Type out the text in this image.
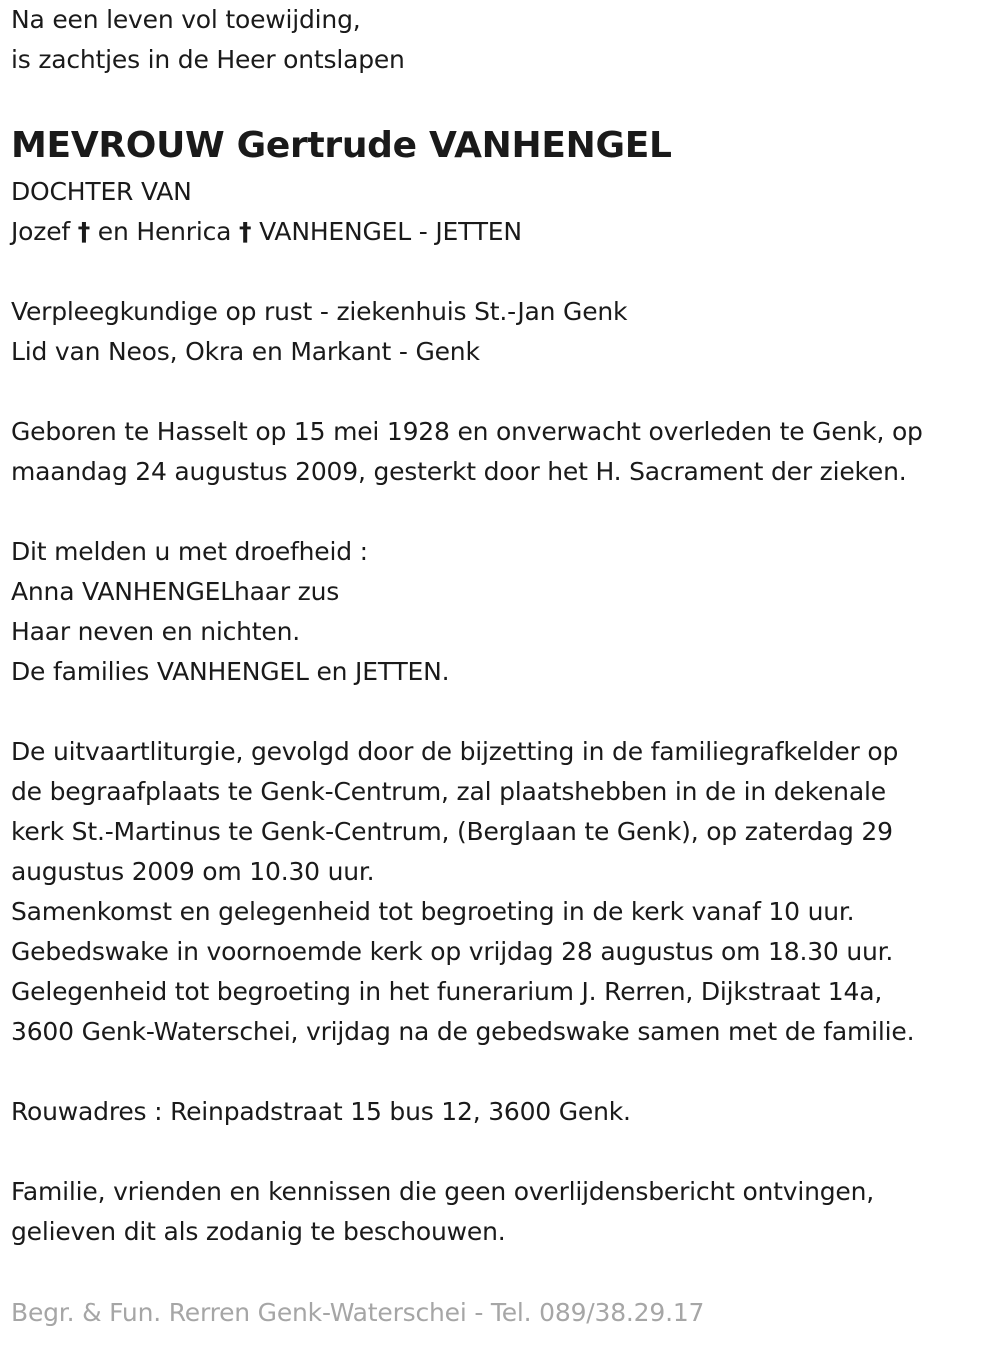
Na een leven vol toewijding,
is zachtjes in de Heer ontslapen
MEVROUW Gertrude VANHENGEL
DOCHTER VAN
Jozef † en Henrica † VANHENGEL - JETTEN
Verpleegkundige op rust - ziekenhuis St.-Jan Genk
Lid van Neos, Okra en Markant - Genk
Geboren te Hasselt op 15 mei 1928 en onverwacht overleden te Genk, op
maandag 24 augustus 2009, gesterkt door het H. Sacrament der zieken.
Dit melden u met droefheid :
Anna VANHENGELhaar zus
Haar neven en nichten.
De families VANHENGEL en JETTEN.
De uitvaartliturgie, gevolgd door de bijzetting in de familiegrafkelder op
de begraafplaats te Genk-Centrum, zal plaatshebben in de in dekenale
kerk St.-Martinus te Genk-Centrum, (Berglaan te Genk), op zaterdag 29
augustus 2009 om 10.30 uur.
Samenkomst en gelegenheid tot begroeting in de kerk vanaf 10 uur.
Gebedswake in voornoemde kerk op vrijdag 28 augustus om 18.30 uur.
Gelegenheid tot begroeting in het funerarium J. Rerren, Dijkstraat 14a,
3600 Genk-Waterschei, vrijdag na de gebedswake samen met de familie.
Rouwadres : Reinpadstraat 15 bus 12, 3600 Genk.
Familie, vrienden en kennissen die geen overlijdensbericht ontvingen,
gelieven dit als zodanig te beschouwen.
Begr. & Fun. Rerren Genk-Waterschei - Tel. 089/38.29.17
